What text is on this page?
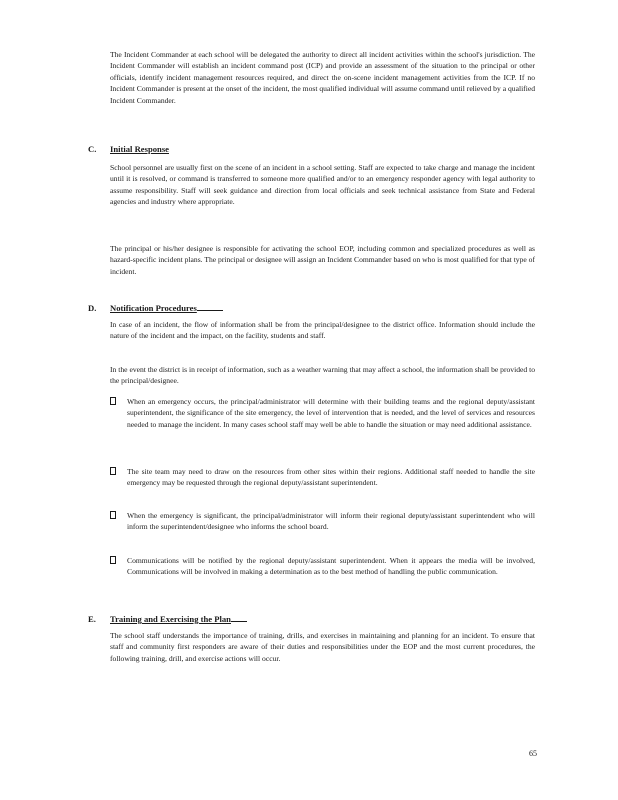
The Incident Commander at each school will be delegated the authority to direct all incident activities within the school's jurisdiction. The Incident Commander will establish an incident command post (ICP) and provide an assessment of the situation to the principal or other officials, identify incident management resources required, and direct the on-scene incident management activities from the ICP. If no Incident Commander is present at the onset of the incident, the most qualified individual will assume command until relieved by a qualified Incident Commander.

C. Initial Response

School personnel are usually first on the scene of an incident in a school setting. Staff are expected to take charge and manage the incident until it is resolved, or command is transferred to someone more qualified and/or to an emergency responder agency with legal authority to assume responsibility. Staff will seek guidance and direction from local officials and seek technical assistance from State and Federal agencies and industry where appropriate.

The principal or his/her designee is responsible for activating the school EOP, including common and specialized procedures as well as hazard-specific incident plans. The principal or designee will assign an Incident Commander based on who is most qualified for that type of incident.

D. Notification Procedures

In case of an incident, the flow of information shall be from the principal/designee to the district office. Information should include the nature of the incident and the impact, on the facility, students and staff.

In the event the district is in receipt of information, such as a weather warning that may affect a school, the information shall be provided to the principal/designee.

When an emergency occurs, the principal/administrator will determine with their building teams and the regional deputy/assistant superintendent, the significance of the site emergency, the level of intervention that is needed, and the level of services and resources needed to manage the incident. In many cases school staff may well be able to handle the situation or may need additional assistance.
The site team may need to draw on the resources from other sites within their regions. Additional staff needed to handle the site emergency may be requested through the regional deputy/assistant superintendent.
When the emergency is significant, the principal/administrator will inform their regional deputy/assistant superintendent who will inform the superintendent/designee who informs the school board.
Communications will be notified by the regional deputy/assistant superintendent. When it appears the media will be involved, Communications will be involved in making a determination as to the best method of handling the public communication.
E. Training and Exercising the Plan

The school staff understands the importance of training, drills, and exercises in maintaining and planning for an incident. To ensure that staff and community first responders are aware of their duties and responsibilities under the EOP and the most current procedures, the following training, drill, and exercise actions will occur.

65
